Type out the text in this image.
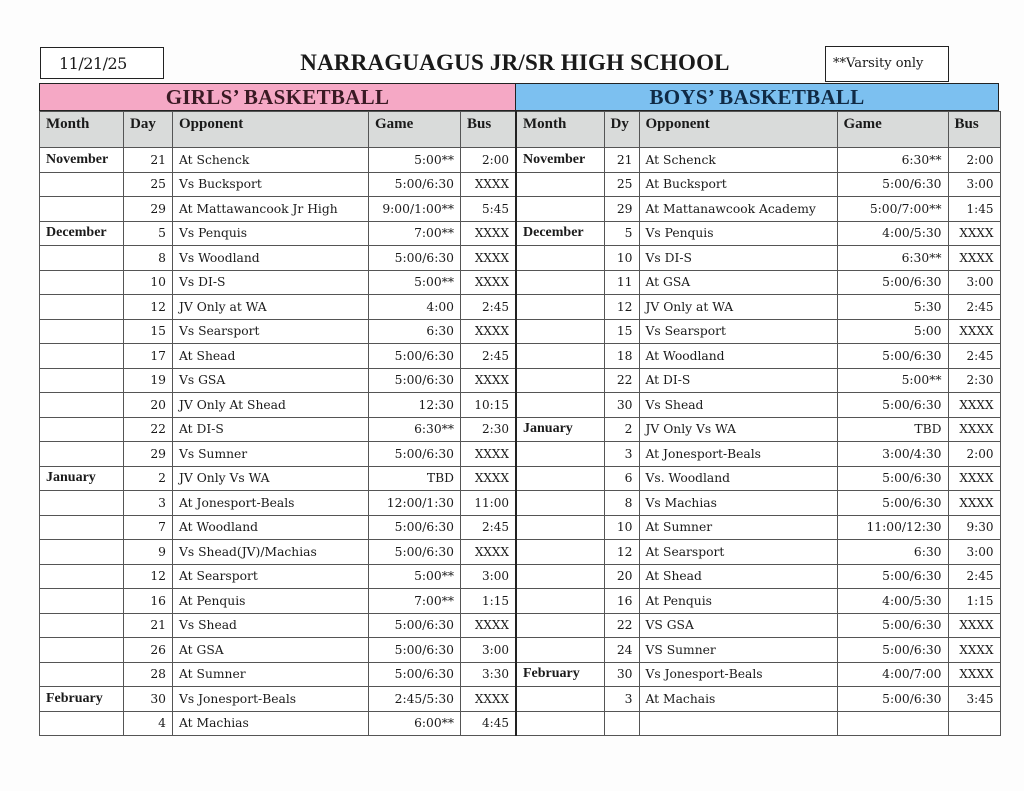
11/21/25	NARRAGUAGUS JR/SR HIGH SCHOOL	**Varsity only
GIRLS’ BASKETBALL
Month	Day	Opponent	Game	Bus
November	21	At Schenck	5:00**	2:00
	25	Vs Bucksport	5:00/6:30	XXXX
	29	At Mattawancook Jr High	9:00/1:00**	5:45
December	5	Vs Penquis	7:00**	XXXX
	8	Vs Woodland	5:00/6:30	XXXX
	10	Vs DI-S	5:00**	XXXX
	12	JV Only at WA	4:00	2:45
	15	Vs Searsport	6:30	XXXX
	17	At Shead	5:00/6:30	2:45
	19	Vs GSA	5:00/6:30	XXXX
	20	JV Only At Shead	12:30	10:15
	22	At DI-S	6:30**	2:30
	29	Vs Sumner	5:00/6:30	XXXX
January	2	JV Only Vs WA	TBD	XXXX
	3	At Jonesport-Beals	12:00/1:30	11:00
	7	At Woodland	5:00/6:30	2:45
	9	Vs Shead(JV)/Machias	5:00/6:30	XXXX
	12	At Searsport	5:00**	3:00
	16	At Penquis	7:00**	1:15
	21	Vs Shead	5:00/6:30	XXXX
	26	At GSA	5:00/6:30	3:00
	28	At Sumner	5:00/6:30	3:30
February	30	Vs Jonesport-Beals	2:45/5:30	XXXX
	4	At Machias	6:00**	4:45
BOYS’ BASKETBALL
Month	Dy	Opponent	Game	Bus
November	21	At Schenck	6:30**	2:00
	25	At Bucksport	5:00/6:30	3:00
	29	At Mattanawcook Academy	5:00/7:00**	1:45
December	5	Vs Penquis	4:00/5:30	XXXX
	10	Vs DI-S	6:30**	XXXX
	11	At GSA	5:00/6:30	3:00
	12	JV Only at WA	5:30	2:45
	15	Vs Searsport	5:00	XXXX
	18	At Woodland	5:00/6:30	2:45
	22	At DI-S	5:00**	2:30
	30	Vs Shead	5:00/6:30	XXXX
January	2	JV Only Vs WA	TBD	XXXX
	3	At Jonesport-Beals	3:00/4:30	2:00
	6	Vs. Woodland	5:00/6:30	XXXX
	8	Vs Machias	5:00/6:30	XXXX
	10	At Sumner	11:00/12:30	9:30
	12	At Searsport	6:30	3:00
	20	At Shead	5:00/6:30	2:45
	16	At Penquis	4:00/5:30	1:15
	22	VS GSA	5:00/6:30	XXXX
	24	VS Sumner	5:00/6:30	XXXX
February	30	Vs Jonesport-Beals	4:00/7:00	XXXX
	3	At Machais	5:00/6:30	3:45
